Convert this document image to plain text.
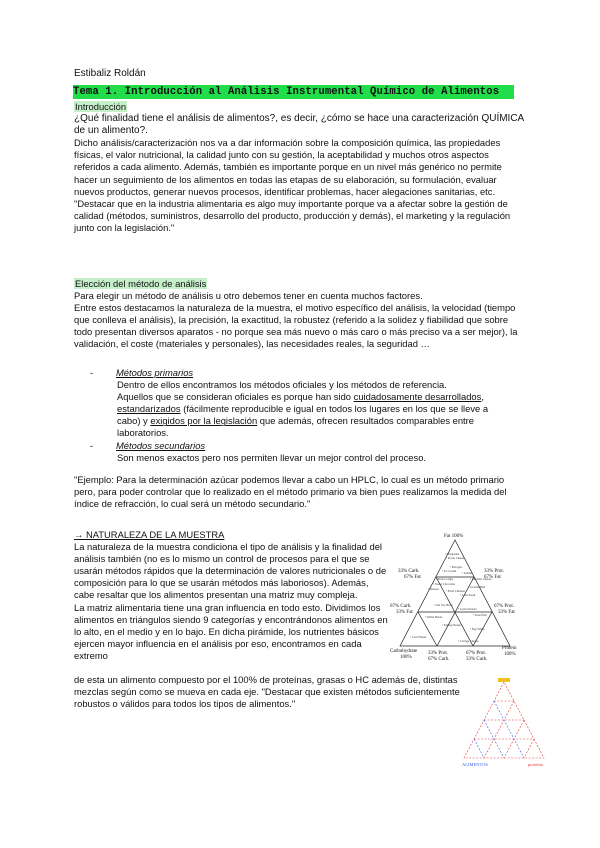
Estibaliz Roldán
Tema 1. Introducción al Análisis Instrumental Químico de Alimentos

Introducción

¿Qué finalidad tiene el análisis de alimentos?, es decir, ¿cómo se hace una caracterización QUÍMICA de un alimento?.

Dicho análisis/caracterización nos va a dar información sobre la composición química, las propiedades físicas, el valor nutricional, la calidad junto con su gestión, la aceptabilidad y muchos otros aspectos referidos a cada alimento. Además, también es importante porque en un nivel más genérico no permite hacer un seguimiento de los alimentos en todas las etapas de su elaboración, su formulación, evaluar nuevos productos, generar nuevos procesos, identificar problemas, hacer alegaciones sanitarias, etc.

"Destacar que en la industria alimentaria es algo muy importante porque va a afectar sobre la gestión de calidad (métodos, suministros, desarrollo del producto, producción y demás), el marketing y la regulación junto con la legislación."

Elección del método de análisis

Para elegir un método de análisis u otro debemos tener en cuenta muchos factores.

Entre estos destacamos la naturaleza de la muestra, el motivo específico del análisis, la velocidad (tiempo que conlleva el análisis), la precisión, la exactitud, la robustez (referido a la solidez y fiabilidad que sobre todo presentan diversos aparatos - no porque sea más nuevo o más caro o más preciso va a ser mejor), la validación, el coste (materiales y personales), las necesidades reales, la seguridad …

- Métodos primarios
Dentro de ellos encontramos los métodos oficiales y los métodos de referencia.
Aquellos que se consideran oficiales es porque han sido cuidadosamente desarrollados, estandarizados (fácilmente reproducible e igual en todos los lugares en los que se lleve a cabo) y exigidos por la legislación que además, ofrecen resultados comparables entre laboratorios.
- Métodos secundarios
Son menos exactos pero nos permiten llevar un mejor control del proceso.
"Ejemplo: Para la determinación azúcar podemos llevar a cabo un HPLC, lo cual es un método primario pero, para poder controlar que lo realizado en el método primario va bien pues realizamos la medida del índice de refracción, lo cual será un método secundario."

→ NATURALEZA DE LA MUESTRA

La naturaleza de la muestra condiciona el tipo de análisis y la finalidad del análisis también (no es lo mismo un control de procesos para el que se usarán métodos rápidos que la determinación de valores nutricionales o de composición para lo que se usarán métodos más laboriosos). Además, cabe resaltar que los alimentos presentan una matriz muy compleja.

La matriz alimentaria tiene una gran influencia en todo esto. Dividimos los alimentos en triángulos siendo 9 categorías y encontrándonos alimentos en lo alto, en el medio y en lo bajo. En dicha pirámide, los nutrientes básicos ejercen mayor influencia en el análisis por eso, encontramos en cada extremo

de esta un alimento compuesto por el 100% de proteínas, grasas o HC además de, distintas mezclas según como se mueva en cada eje. "Destacar que existen métodos suficientemente robustos o válidos para todos los tipos de alimentos."
• Margarine
• Pecan Cheese
• Bologna
• Ice Cream • Salami
• Cheddar Cheese
• Potato Chips
• Sweet Chocolate
• Ground Beef
• Dessert • Fried Chicken
• Lean Steak
• Oat Soy Bean
• Lean Chicken
• Tuna Fish
• White Bread
• Kidney Beans
• Egg White
• Corn Flakes
• Cottage Cheese
Fat 100%
33% Carb.
67% Fat
33% Prot.
67% Fat
67% Carb.
33% Fat
67% Prot.
33% Fat
Carbohydrate
100%
Protein
100%
33% Prot.
67% Carb.
67% Prot.
33% Carb.
ALIMENTOS	proteína
